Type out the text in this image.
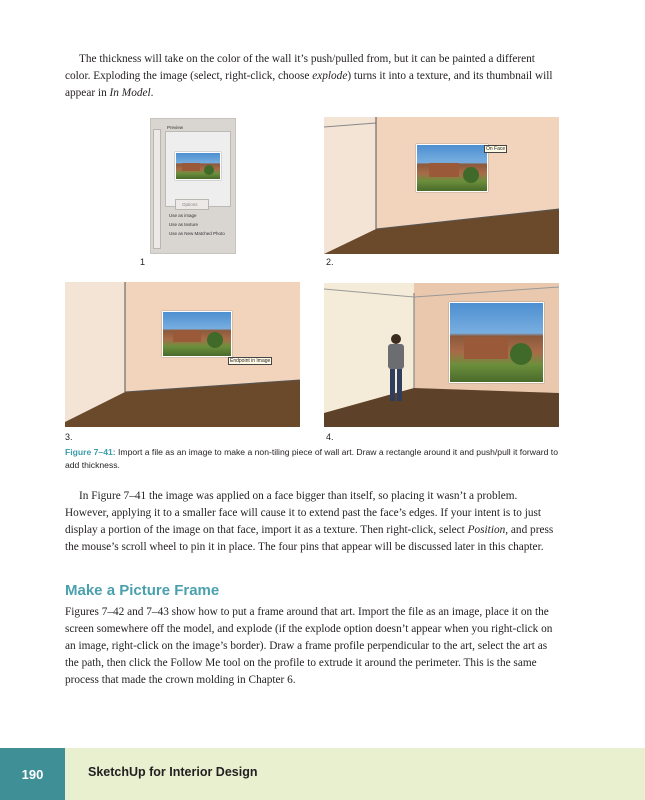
The thickness will take on the color of the wall it’s push/pulled from, but it can be painted a different color. Exploding the image (select, right-click, choose explode) turns it into a texture, and its thumbnail will appear in In Model.

Preview
Options
Use as image
Use as texture
Use as New Matched Photo
1
On Face
2.
Endpoint in Image
3.	4.
Figure 7–41: Import a file as an image to make a non-tiling piece of wall art. Draw a rectangle around it and push/pull it forward to add thickness.

In Figure 7–41 the image was applied on a face bigger than itself, so placing it wasn’t a problem. However, applying it to a smaller face will cause it to extend past the face’s edges. If your intent is to just display a portion of the image on that face, import it as a texture. Then right-click, select Position, and press the mouse’s scroll wheel to pin it in place. The four pins that appear will be discussed later in this chapter.

Make a Picture Frame

Figures 7–42 and 7–43 show how to put a frame around that art. Import the file as an image, place it on the screen somewhere off the model, and explode (if the explode option doesn’t appear when you right-click on an image, right-click on the image’s border). Draw a frame profile perpendicular to the art, select the art as the path, then click the Follow Me tool on the profile to extrude it around the perimeter. This is the same process that made the crown molding in Chapter 6.

190	SketchUp for Interior Design
